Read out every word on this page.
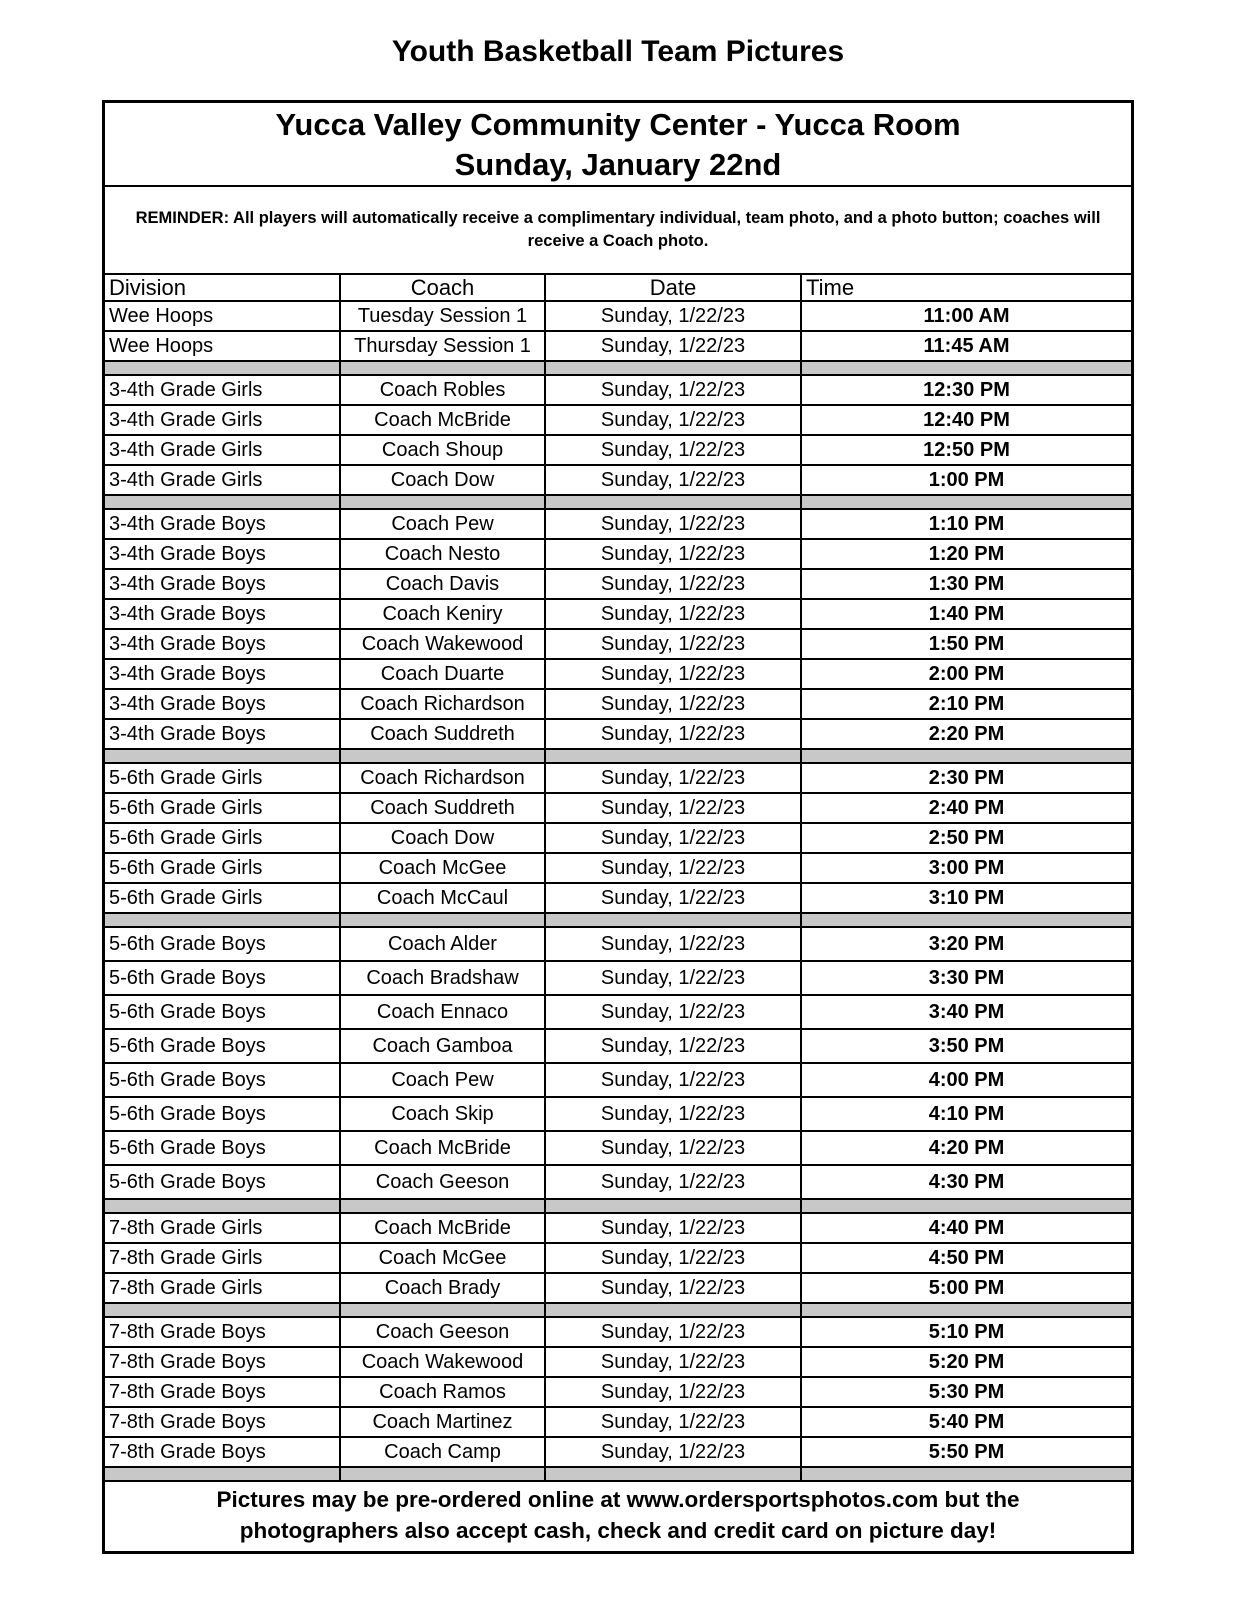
Youth Basketball Team Pictures
Yucca Valley Community Center - Yucca Room
Sunday, January 22nd
REMINDER: All players will automatically receive a complimentary individual, team photo, and a photo button; coaches will receive a Coach photo.
Division	Coach	Date	Time
Wee Hoops	Tuesday Session 1	Sunday, 1/22/23	11:00 AM
Wee Hoops	Thursday Session 1	Sunday, 1/22/23	11:45 AM

3-4th Grade Girls	Coach Robles	Sunday, 1/22/23	12:30 PM
3-4th Grade Girls	Coach McBride	Sunday, 1/22/23	12:40 PM
3-4th Grade Girls	Coach Shoup	Sunday, 1/22/23	12:50 PM
3-4th Grade Girls	Coach Dow	Sunday, 1/22/23	1:00 PM

3-4th Grade Boys	Coach Pew	Sunday, 1/22/23	1:10 PM
3-4th Grade Boys	Coach Nesto	Sunday, 1/22/23	1:20 PM
3-4th Grade Boys	Coach Davis	Sunday, 1/22/23	1:30 PM
3-4th Grade Boys	Coach Keniry	Sunday, 1/22/23	1:40 PM
3-4th Grade Boys	Coach Wakewood	Sunday, 1/22/23	1:50 PM
3-4th Grade Boys	Coach Duarte	Sunday, 1/22/23	2:00 PM
3-4th Grade Boys	Coach Richardson	Sunday, 1/22/23	2:10 PM
3-4th Grade Boys	Coach Suddreth	Sunday, 1/22/23	2:20 PM

5-6th Grade Girls	Coach Richardson	Sunday, 1/22/23	2:30 PM
5-6th Grade Girls	Coach Suddreth	Sunday, 1/22/23	2:40 PM
5-6th Grade Girls	Coach Dow	Sunday, 1/22/23	2:50 PM
5-6th Grade Girls	Coach McGee	Sunday, 1/22/23	3:00 PM
5-6th Grade Girls	Coach McCaul	Sunday, 1/22/23	3:10 PM

5-6th Grade Boys	Coach Alder	Sunday, 1/22/23	3:20 PM
5-6th Grade Boys	Coach Bradshaw	Sunday, 1/22/23	3:30 PM
5-6th Grade Boys	Coach Ennaco	Sunday, 1/22/23	3:40 PM
5-6th Grade Boys	Coach Gamboa	Sunday, 1/22/23	3:50 PM
5-6th Grade Boys	Coach Pew	Sunday, 1/22/23	4:00 PM
5-6th Grade Boys	Coach Skip	Sunday, 1/22/23	4:10 PM
5-6th Grade Boys	Coach McBride	Sunday, 1/22/23	4:20 PM
5-6th Grade Boys	Coach Geeson	Sunday, 1/22/23	4:30 PM

7-8th Grade Girls	Coach McBride	Sunday, 1/22/23	4:40 PM
7-8th Grade Girls	Coach McGee	Sunday, 1/22/23	4:50 PM
7-8th Grade Girls	Coach Brady	Sunday, 1/22/23	5:00 PM

7-8th Grade Boys	Coach Geeson	Sunday, 1/22/23	5:10 PM
7-8th Grade Boys	Coach Wakewood	Sunday, 1/22/23	5:20 PM
7-8th Grade Boys	Coach Ramos	Sunday, 1/22/23	5:30 PM
7-8th Grade Boys	Coach Martinez	Sunday, 1/22/23	5:40 PM
7-8th Grade Boys	Coach Camp	Sunday, 1/22/23	5:50 PM

Pictures may be pre-ordered online at www.ordersportsphotos.com but the
photographers also accept cash, check and credit card on picture day!
